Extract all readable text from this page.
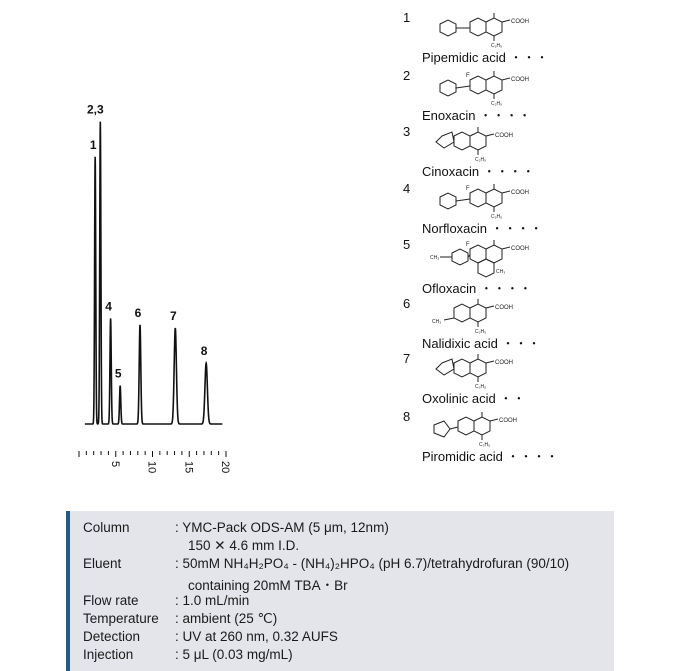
5 10 15 20
1
2,3
4
5
6 7
8
1	COOH
C₂H₅
Pipemidic acid ・・・
2	F
COOH
C₂H₅
Enoxacin ・・・・
3	COOH
C₂H₅
Cinoxacin ・・・・
4	F
COOH
C₂H₅
Norfloxacin ・・・・
5
CH₃
F
COOH
CH₃
Ofloxacin ・・・・
6
CH₃
COOH
C₂H₅
Nalidixic acid ・・・
7	COOH
C₂H₅
Oxolinic acid ・・
8	COOH
C₂H₅
Piromidic acid ・・・・
Column	: YMC-Pack ODS-AM (5 μm, 12nm)
150 ✕ 4.6 mm I.D.
Eluent	: 50mM NH₄H₂PO₄ - (NH₄)₂HPO₄ (pH 6.7)/tetrahydrofuran (90/10)
containing 20mM TBA・Br
Flow rate	: 1.0 mL/min
Temperature : ambient (25 ℃)
Detection	: UV at 260 nm, 0.32 AUFS
Injection	: 5 μL (0.03 mg/mL)
